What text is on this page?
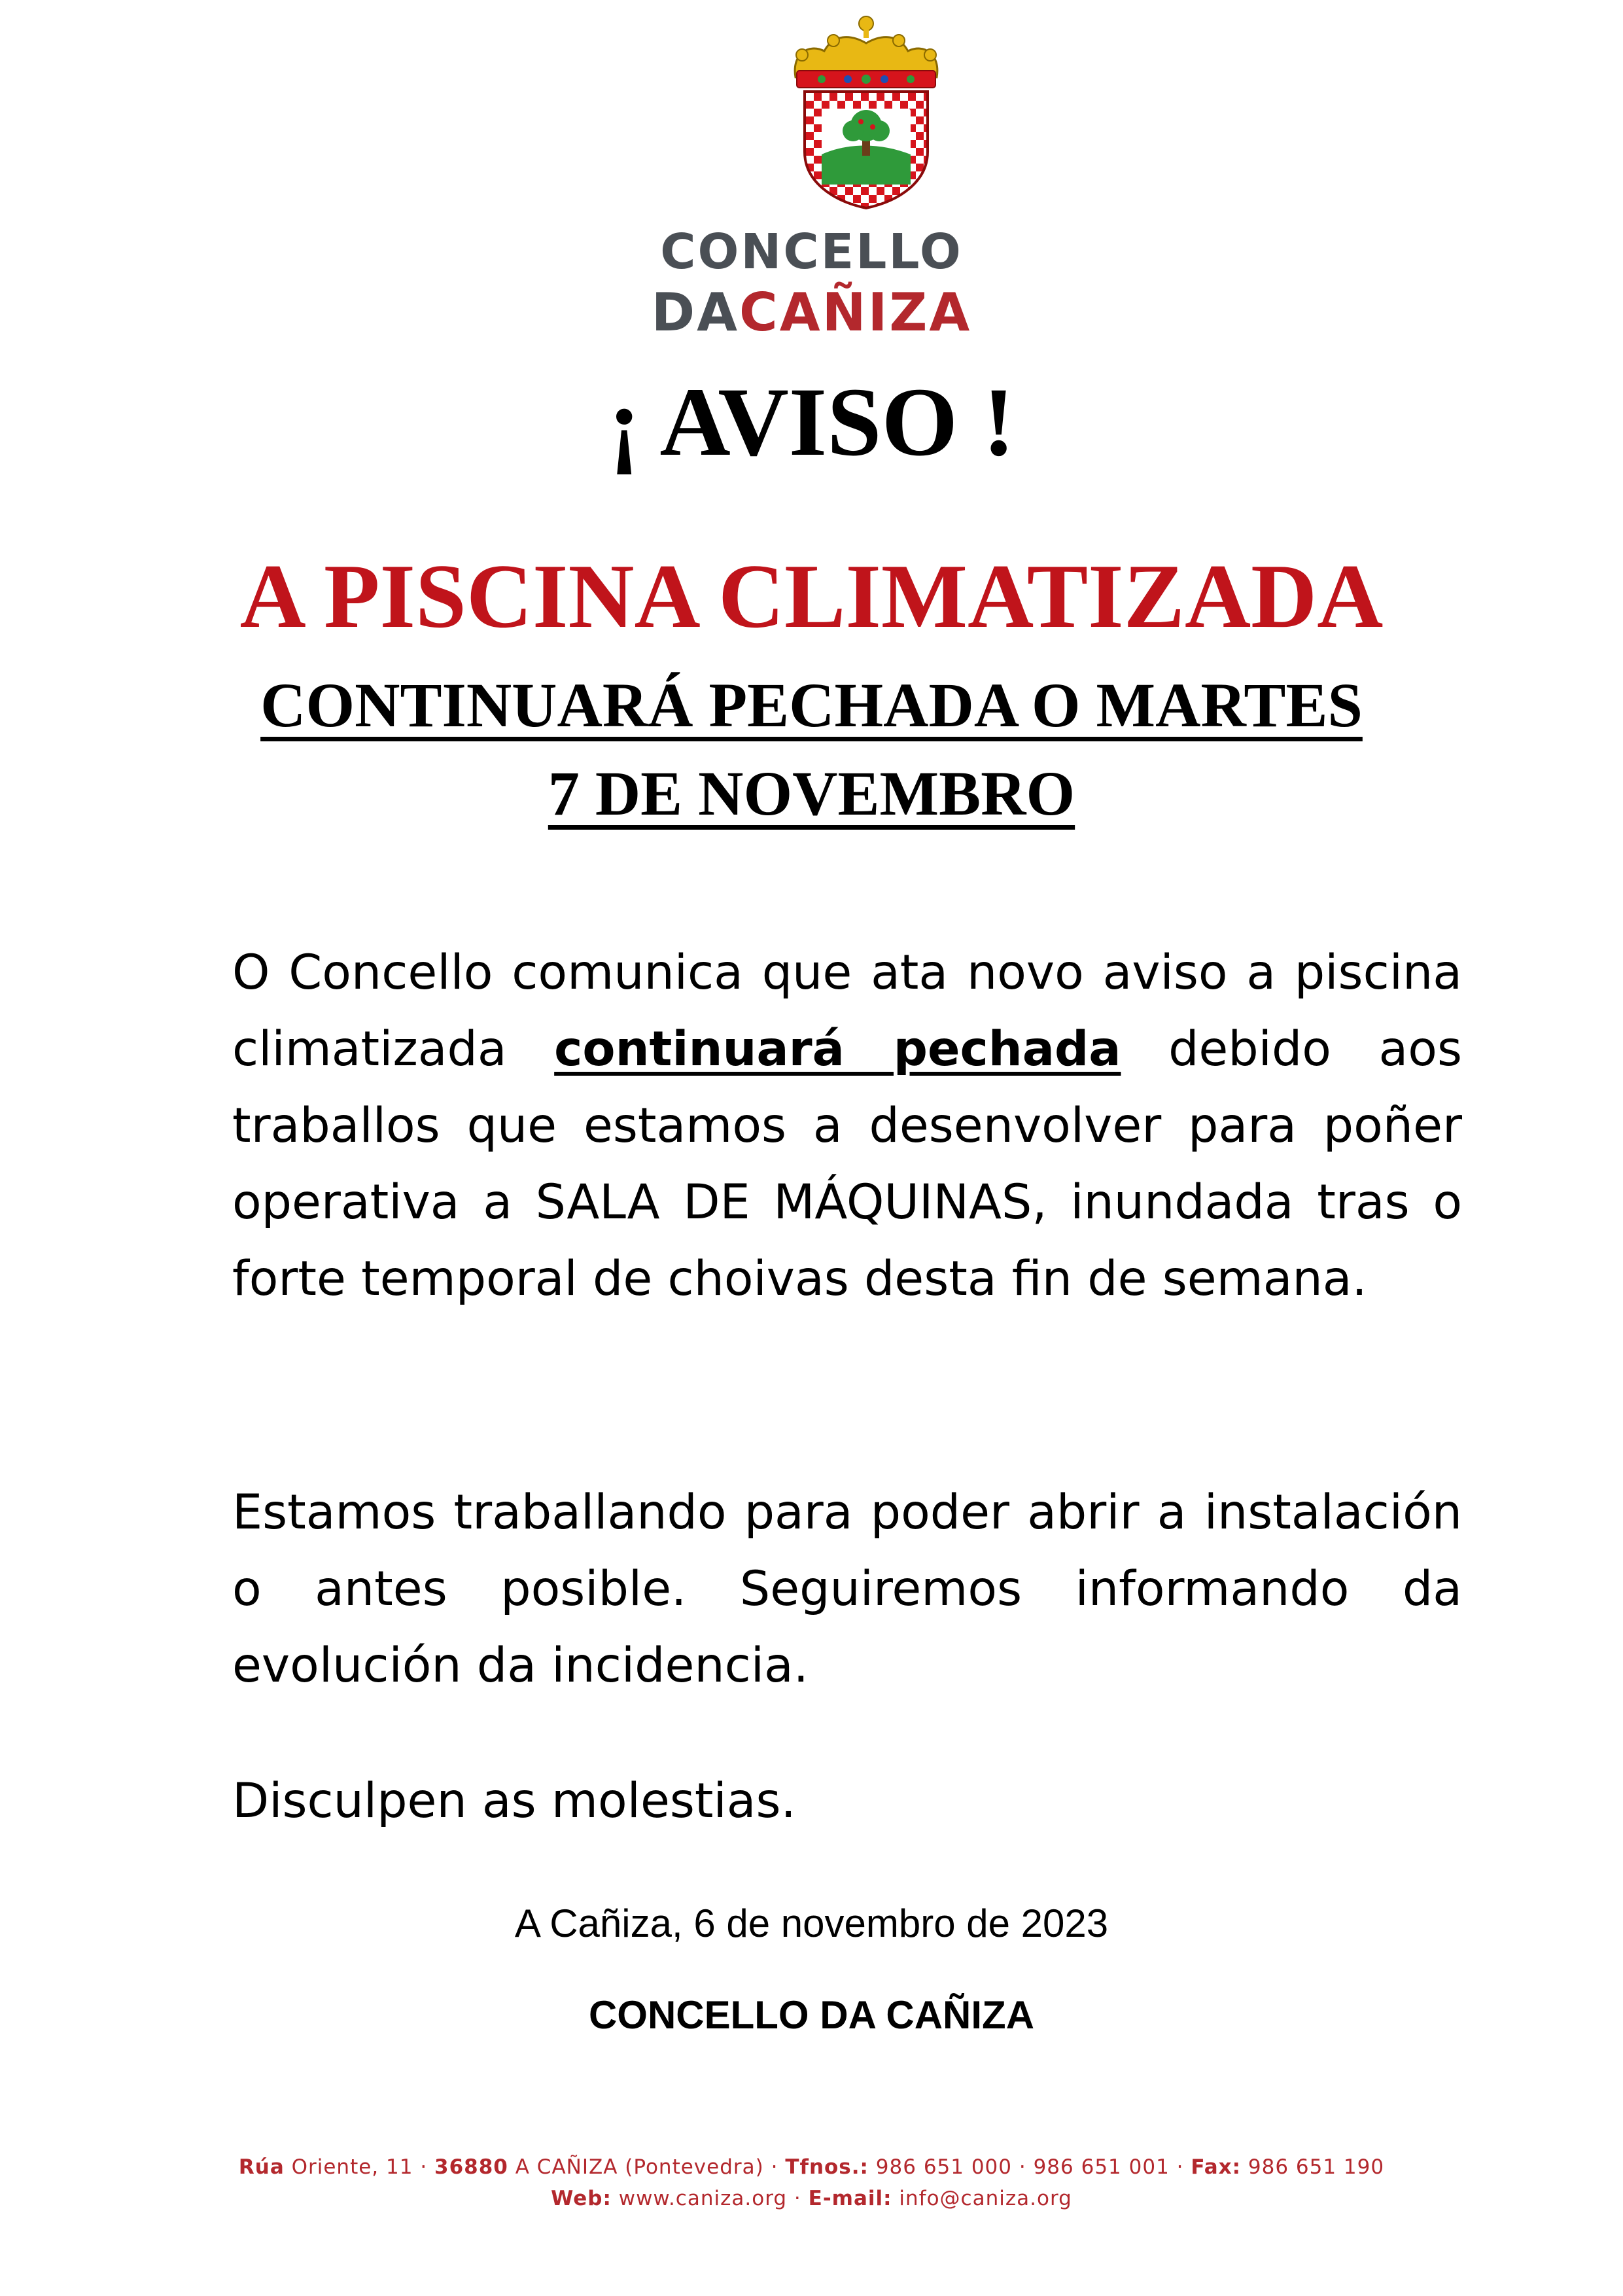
CONCELLO
DACAÑIZA
¡ AVISO !
A PISCINA CLIMATIZADA
CONTINUARÁ PECHADA O MARTES
7 DE NOVEMBRO

O Concello comunica que ata novo aviso a piscina climatizada continuará pechada debido aos traballos que estamos a desenvolver para poñer operativa a SALA DE MÁQUINAS, inundada tras o forte temporal de choivas desta fin de semana.

Estamos traballando para poder abrir a instalación o antes posible. Seguiremos informando da evolución da incidencia.

Disculpen as molestias.

A Cañiza, 6 de novembro de 2023
CONCELLO DA CAÑIZA
Rúa Oriente, 11 · 36880 A CAÑIZA (Pontevedra) · Tfnos.: 986 651 000 · 986 651 001 · Fax: 986 651 190
Web: www.caniza.org · E-mail: info@caniza.org
